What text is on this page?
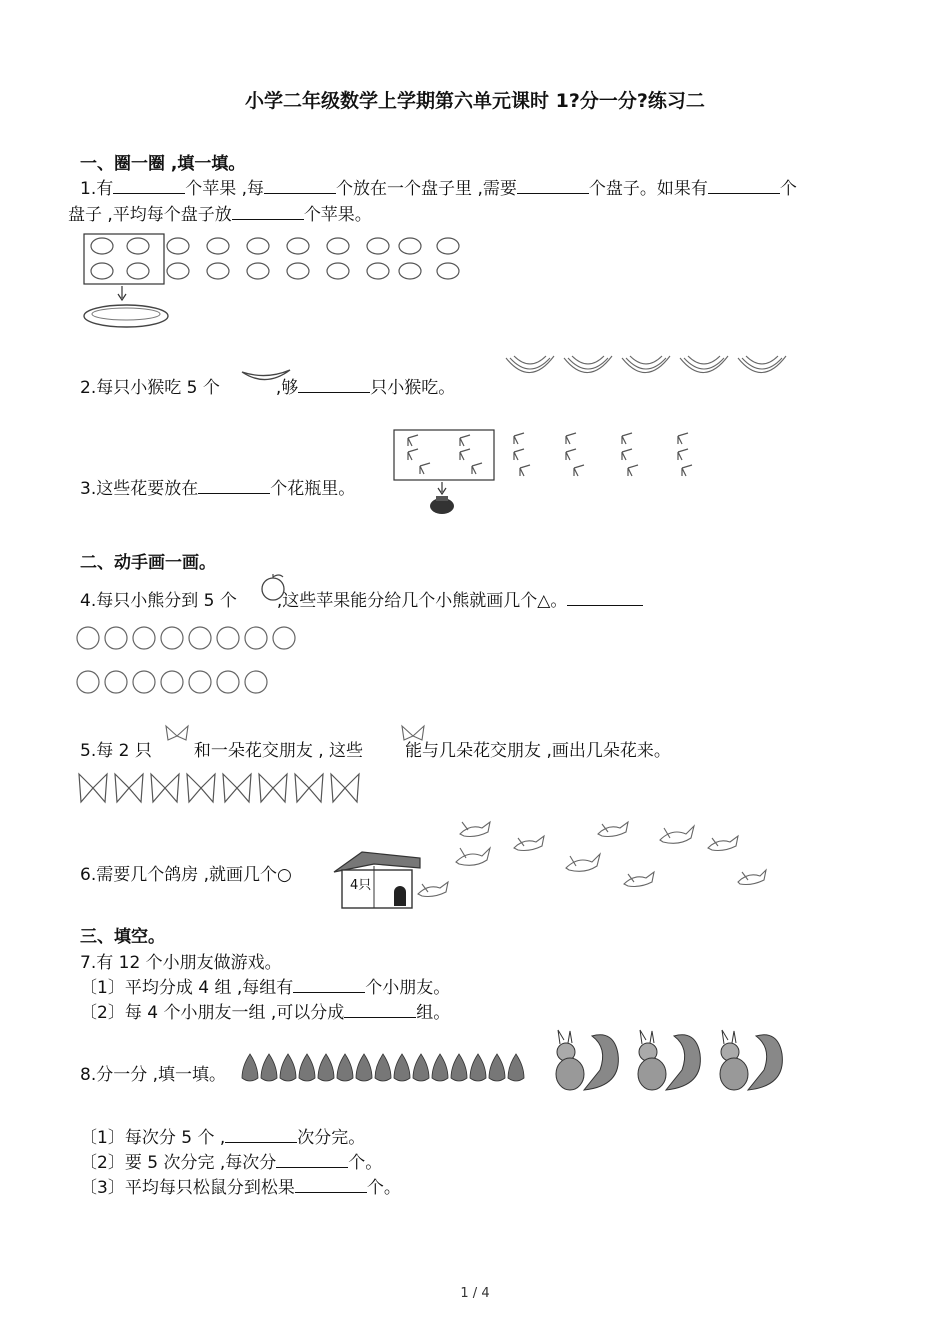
小学二年级数学上学期第六单元课时 1?分一分?练习二
一、圈一圈 ,填一填。
1.有	个苹果 ,每	个放在一个盘子里 ,需要	个盘子。如果有	个
盘子 ,平均每个盘子放	个苹果。
2.每只小猴吃 5 个	,够	只小猴吃。
3.这些花要放在	个花瓶里。
二、动手画一画。
4.每只小熊分到 5 个 ,这些苹果能分给几个小熊就画几个△。
5.每 2 只 和一朵花交朋友 , 这些 能与几朵花交朋友 ,画出几朵花来。
6.需要几个鸽房 ,就画几个○
4只
三、填空。
7.有 12 个小朋友做游戏。
〔1〕平均分成 4 组 ,每组有	个小朋友。
〔2〕每 4 个小朋友一组 ,可以分成	组。
8.分一分 ,填一填。
〔1〕每次分 5 个 ,	次分完。
〔2〕要 5 次分完 ,每次分	个。
〔3〕平均每只松鼠分到松果	个。
1 / 4
